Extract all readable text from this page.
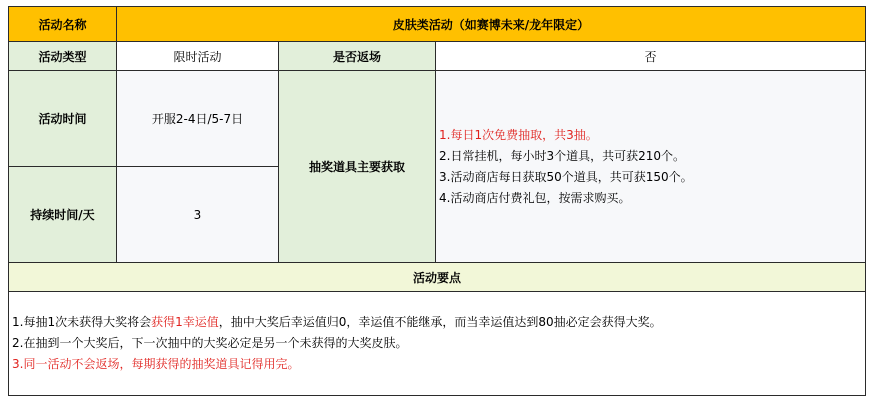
活动名称	皮肤类活动（如赛博未来/龙年限定）		
活动类型	限时活动	是否返场	否
活动时间	开服2-4日/5-7日	抽奖道具主要获取	1.每日1次免费抽取，共3抽。
2.日常挂机，每小时3个道具，共可获210个。
3.活动商店每日获取50个道具，共可获150个。
4.活动商店付费礼包，按需求购买。

持续时间/天	3		
活动要点			

1.每抽1次未获得大奖将会获得1幸运值，抽中大奖后幸运值归0，幸运值不能继承，而当幸运值达到80抽必定会获得大奖。
2.在抽到一个大奖后，下一次抽中的大奖必定是另一个未获得的大奖皮肤。
3.同一活动不会返场，每期获得的抽奖道具记得用完。			
